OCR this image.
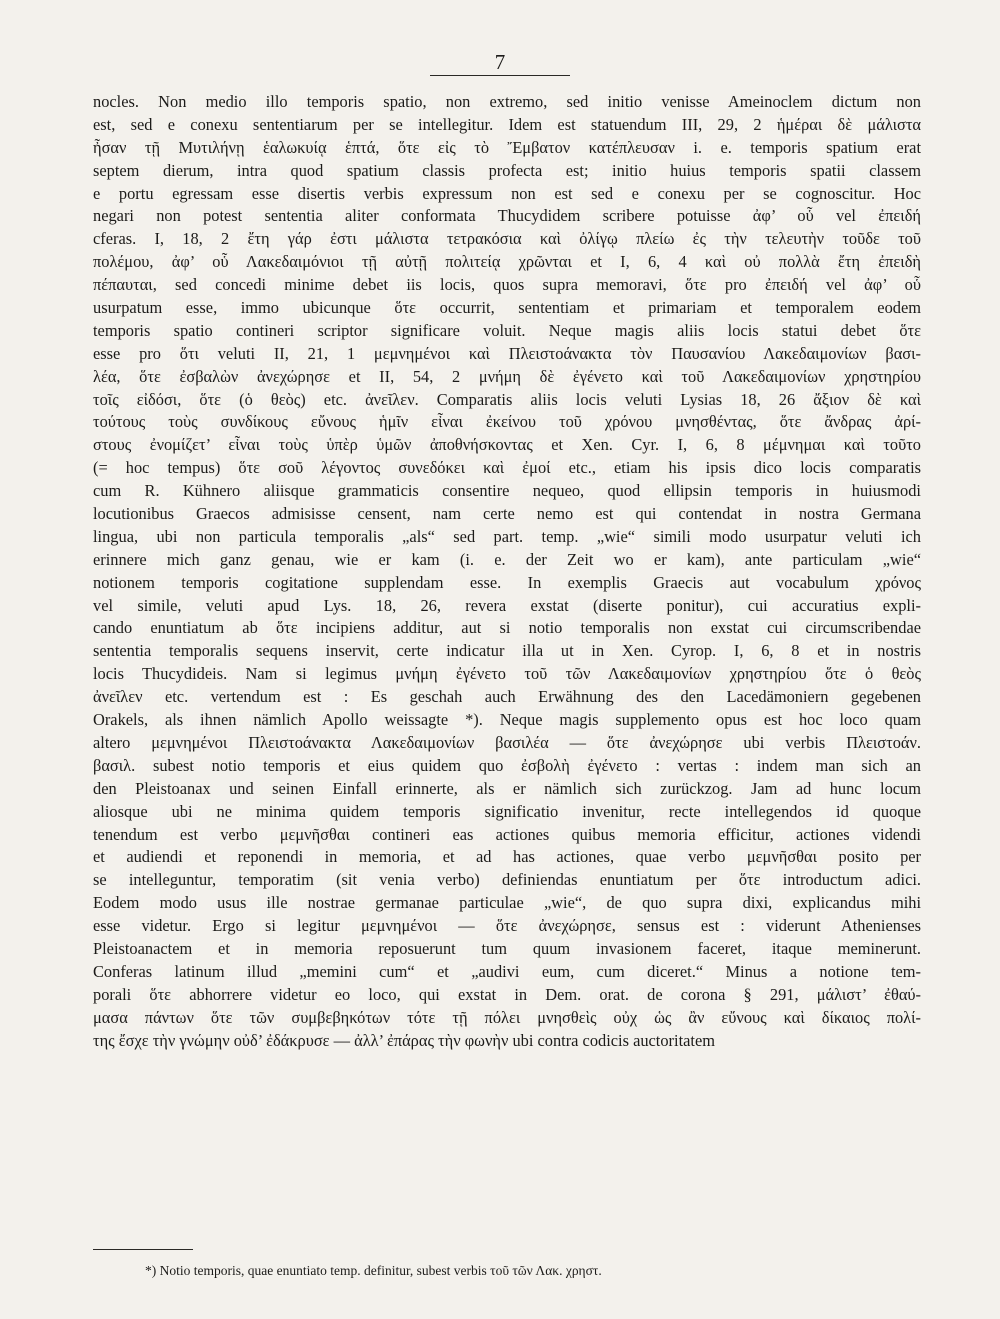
7
nocles. Non medio illo temporis spatio, non extremo, sed initio venisse Ameinoclem dictum non
est, sed e conexu sententiarum per se intellegitur. Idem est statuendum III, 29, 2 ἡμέραι δὲ μάλιστα
ἦσαν τῇ Μυτιλήνῃ ἑαλωκυίᾳ ἑπτά, ὅτε εἰς τὸ Ἔμβατον κατέπλευσαν i. e. temporis spatium erat
septem dierum, intra quod spatium classis profecta est; initio huius temporis spatii classem
e portu egressam esse disertis verbis expressum non est sed e conexu per se cognoscitur. Hoc
negari non potest sententia aliter conformata Thucydidem scribere potuisse ἀφ’ οὗ vel ἐπειδή
cferas. I, 18, 2 ἔτη γάρ ἐστι μάλιστα τετρακόσια καὶ ὀλίγῳ πλείω ἐς τὴν τελευτὴν τοῦδε τοῦ
πολέμου, ἀφ’ οὗ Λακεδαιμόνιοι τῇ αὐτῇ πολιτείᾳ χρῶνται et I, 6, 4 καὶ οὐ πολλὰ ἔτη ἐπειδὴ
πέπαυται, sed concedi minime debet iis locis, quos supra memoravi, ὅτε pro ἐπειδή vel ἀφ’ οὗ
usurpatum esse, immo ubicunque ὅτε occurrit, sententiam et primariam et temporalem eodem
temporis spatio contineri scriptor significare voluit. Neque magis aliis locis statui debet ὅτε
esse pro ὅτι veluti II, 21, 1 μεμνημένοι καὶ Πλειστοάνακτα τὸν Παυσανίου Λακεδαιμονίων βασι-
λέα, ὅτε ἐσβαλὼν ἀνεχώρησε et II, 54, 2 μνήμη δὲ ἐγένετο καὶ τοῦ Λακεδαιμονίων χρηστηρίου
τοῖς εἰδόσι, ὅτε (ὁ θεὸς) etc. ἀνεῖλεν. Comparatis aliis locis veluti Lysias 18, 26 ἄξιον δὲ καὶ
τούτους τοὺς συνδίκους εὔνους ἡμῖν εἶναι ἐκείνου τοῦ χρόνου μνησθέντας, ὅτε ἄνδρας ἀρί-
στους ἐνομίζετ’ εἶναι τοὺς ὑπὲρ ὑμῶν ἀποθνήσκοντας et Xen. Cyr. I, 6, 8 μέμνημαι καὶ τοῦτο
(= hoc tempus) ὅτε σοῦ λέγοντος συνεδόκει καὶ ἐμοί etc., etiam his ipsis dico locis comparatis
cum R. Kühnero aliisque grammaticis consentire nequeo, quod ellipsin temporis in huiusmodi
locutionibus Graecos admisisse censent, nam certe nemo est qui contendat in nostra Germana
lingua, ubi non particula temporalis „als“ sed part. temp. „wie“ simili modo usurpatur veluti ich
erinnere mich ganz genau, wie er kam (i. e. der Zeit wo er kam), ante particulam „wie“
notionem temporis cogitatione supplendam esse. In exemplis Graecis aut vocabulum χρόνος
vel simile, veluti apud Lys. 18, 26, revera exstat (diserte ponitur), cui accuratius expli-
cando enuntiatum ab ὅτε incipiens additur, aut si notio temporalis non exstat cui circumscribendae
sententia temporalis sequens inservit, certe indicatur illa ut in Xen. Cyrop. I, 6, 8 et in nostris
locis Thucydideis. Nam si legimus μνήμη ἐγένετο τοῦ τῶν Λακεδαιμονίων χρηστηρίου ὅτε ὁ θεὸς
ἀνεῖλεν etc. vertendum est : Es geschah auch Erwähnung des den Lacedämoniern gegebenen
Orakels, als ihnen nämlich Apollo weissagte *). Neque magis supplemento opus est hoc loco quam
altero μεμνημένοι Πλειστοάνακτα Λακεδαιμονίων βασιλέα — ὅτε ἀνεχώρησε ubi verbis Πλειστοάν.
βασιλ. subest notio temporis et eius quidem quo ἐσβολὴ ἐγένετο : vertas : indem man sich an
den Pleistoanax und seinen Einfall erinnerte, als er nämlich sich zurückzog. Jam ad hunc locum
aliosque ubi ne minima quidem temporis significatio invenitur, recte intellegendos id quoque
tenendum est verbo μεμνῆσθαι contineri eas actiones quibus memoria efficitur, actiones videndi
et audiendi et reponendi in memoria, et ad has actiones, quae verbo μεμνῆσθαι posito per
se intelleguntur, temporatim (sit venia verbo) definiendas enuntiatum per ὅτε introductum adici.
Eodem modo usus ille nostrae germanae particulae „wie“, de quo supra dixi, explicandus mihi
esse videtur. Ergo si legitur μεμνημένοι — ὅτε ἀνεχώρησε, sensus est : viderunt Athenienses
Pleistoanactem et in memoria reposuerunt tum quum invasionem faceret, itaque meminerunt.
Conferas latinum illud „memini cum“ et „audivi eum, cum diceret.“ Minus a notione tem-
porali ὅτε abhorrere videtur eo loco, qui exstat in Dem. orat. de corona § 291, μάλιστ’ ἐθαύ-
μασα πάντων ὅτε τῶν συμβεβηκότων τότε τῇ πόλει μνησθεὶς οὐχ ὡς ἂν εὔνους καὶ δίκαιος πολί-
της ἔσχε τὴν γνώμην οὐδ’ ἐδάκρυσε — ἀλλ’ ἐπάρας τὴν φωνὴν ubi contra codicis auctoritatem
*) Notio temporis, quae enuntiato temp. definitur, subest verbis τοῦ τῶν Λακ. χρηστ.
